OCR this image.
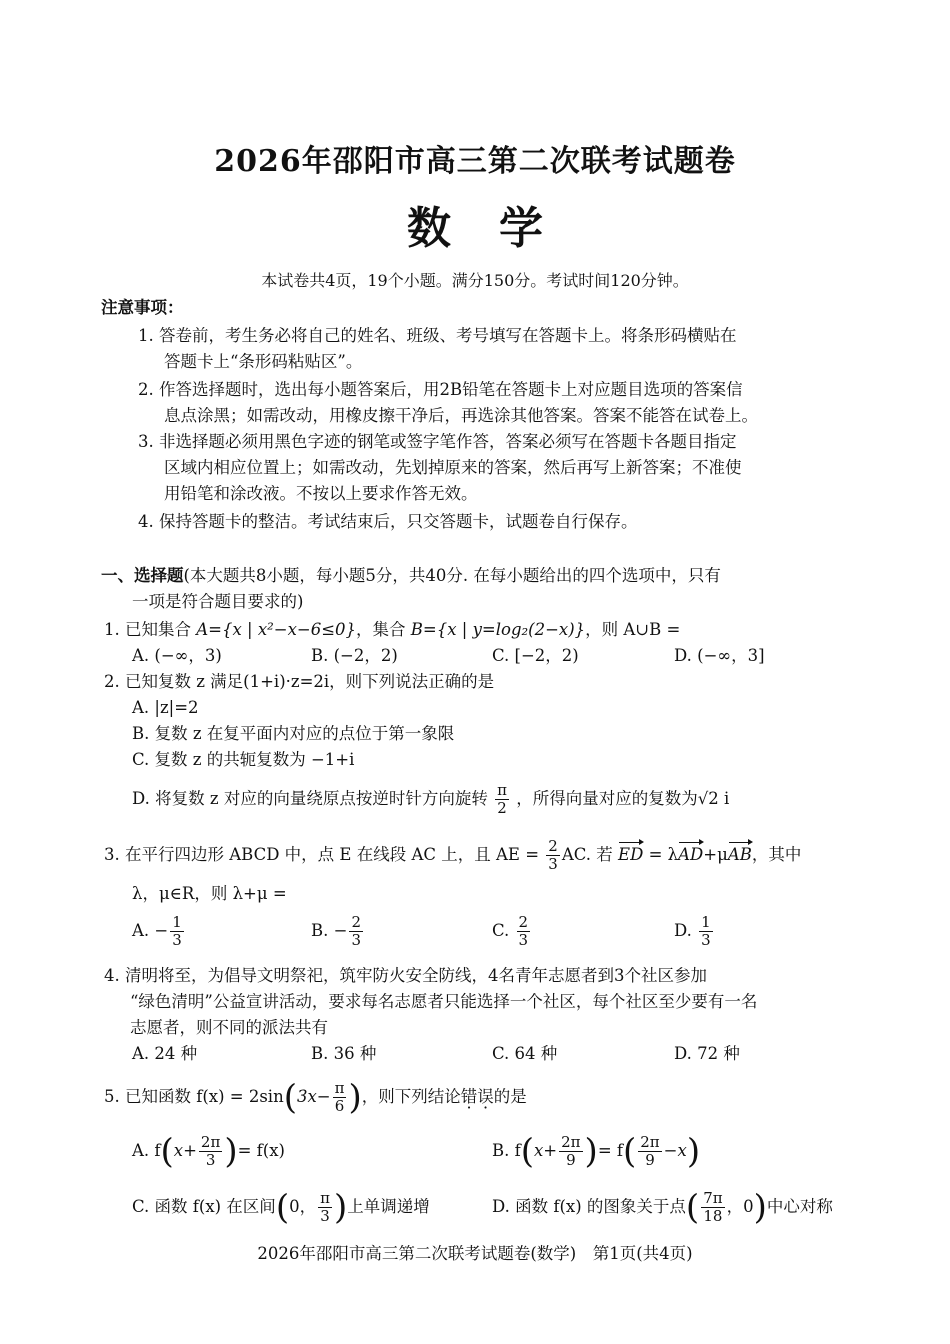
2026年邵阳市高三第二次联考试题卷
数学
本试卷共4页，19个小题。满分150分。考试时间120分钟。
注意事项：
1. 答卷前，考生务必将自己的姓名、班级、考号填写在答题卡上。将条形码横贴在
答题卡上“条形码粘贴区”。
2. 作答选择题时，选出每小题答案后，用2B铅笔在答题卡上对应题目选项的答案信
息点涂黑；如需改动，用橡皮擦干净后，再选涂其他答案。答案不能答在试卷上。
3. 非选择题必须用黑色字迹的钢笔或签字笔作答，答案必须写在答题卡各题目指定
区域内相应位置上；如需改动，先划掉原来的答案，然后再写上新答案；不准使
用铅笔和涂改液。不按以上要求作答无效。
4. 保持答题卡的整洁。考试结束后，只交答题卡，试题卷自行保存。
一、选择题(本大题共8小题，每小题5分，共40分. 在每小题给出的四个选项中，只有
一项是符合题目要求的)
1. 已知集合 A={x | x²−x−6≤0}，集合 B={x | y=log₂(2−x)}，则 A∪B =
A. (−∞，3)	B. (−2，2)	C. [−2，2)	D. (−∞，3]
2. 已知复数 z 满足(1+i)·z=2i，则下列说法正确的是
A. |z|=2
B. 复数 z 在复平面内对应的点位于第一象限
C. 复数 z 的共轭复数为 −1+i
D. 将复数 z 对应的向量绕原点按逆时针方向旋转 $\frac{\pi}{2}$ ，所得向量对应的复数为√2 i
3. 在平行四边形 ABCD 中，点 E 在线段 AC 上，且 AE = $\frac{2}{3}$ AC. 若 ED = λAD+μAB，其中
λ，μ∈R，则 λ+μ =
A. − $\frac{1}{3}$	B. − $\frac{2}{3}$	C. $\frac{2}{3}$	D. $\frac{1}{3}$
4. 清明将至，为倡导文明祭祀，筑牢防火安全防线，4名青年志愿者到3个社区参加
“绿色清明”公益宣讲活动，要求每名志愿者只能选择一个社区，每个社区至少要有一名
志愿者，则不同的派法共有
A. 24 种	B. 36 种	C. 64 种	D. 72 种
5. 已知函数 $f(x) = 2\sin(3x- \frac{\pi}{6}$ )，则下列结论错误的是
A. $f(x+ \frac{2\pi}{3}$ )= f(x)	B. $f(x+ \frac{2\pi}{9}$ )= $f( \frac{2\pi}{9} -x)$
C. 函数 f(x) 在区间(0， $\frac{\pi}{3}$ )上单调递增	D. 函数 f(x) 的图象关于点( $\frac{7\pi}{18}$ ，0)中心对称
2026年邵阳市高三第二次联考试题卷(数学)　第1页(共4页)
